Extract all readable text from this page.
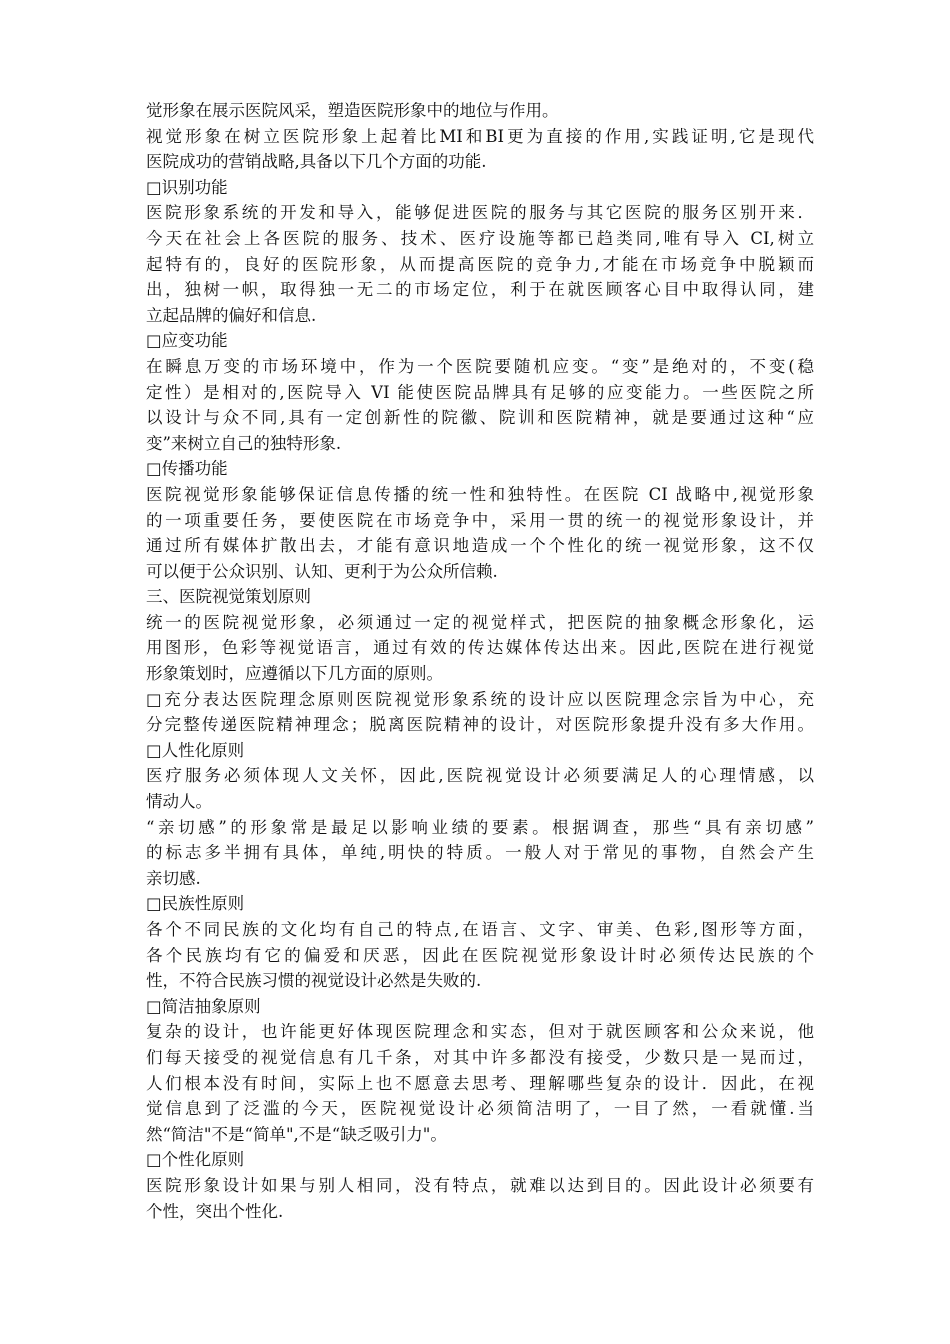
觉形象在展示医院风采，塑造医院形象中的地位与作用。
视觉形象在树立医院形象上起着比MI和BI更为直接的作用,实践证明,它是现代
医院成功的营销战略,具备以下几个方面的功能.
□识别功能
医院形象系统的开发和导入，能够促进医院的服务与其它医院的服务区别开来．
今天在社会上各医院的服务、技术、医疗设施等都已趋类同,唯有导入 CI,树立
起特有的，良好的医院形象，从而提高医院的竞争力,才能在市场竞争中脱颖而
出，独树一帜，取得独一无二的市场定位，利于在就医顾客心目中取得认同，建
立起品牌的偏好和信息.
□应变功能
在瞬息万变的市场环境中，作为一个医院要随机应变。“变”是绝对的，不变(稳
定性）是相对的,医院导入 VI 能使医院品牌具有足够的应变能力。一些医院之所
以设计与众不同,具有一定创新性的院徽、院训和医院精神，就是要通过这种“应
变”来树立自己的独特形象.
□传播功能
医院视觉形象能够保证信息传播的统一性和独特性。在医院 CI 战略中,视觉形象
的一项重要任务，要使医院在市场竞争中，采用一贯的统一的视觉形象设计，并
通过所有媒体扩散出去，才能有意识地造成一个个性化的统一视觉形象，这不仅
可以便于公众识别、认知、更利于为公众所信赖.
三、医院视觉策划原则
统一的医院视觉形象，必须通过一定的视觉样式，把医院的抽象概念形象化，运
用图形，色彩等视觉语言，通过有效的传达媒体传达出来。因此,医院在进行视觉
形象策划时，应遵循以下几方面的原则。
□充分表达医院理念原则医院视觉形象系统的设计应以医院理念宗旨为中心，充
分完整传递医院精神理念；脱离医院精神的设计，对医院形象提升没有多大作用。
□人性化原则
医疗服务必须体现人文关怀，因此,医院视觉设计必须要满足人的心理情感，以
情动人。
“亲切感”的形象常是最足以影响业绩的要素。根据调查，那些“具有亲切感”
的标志多半拥有具体，单纯,明快的特质。一般人对于常见的事物，自然会产生
亲切感.
□民族性原则
各个不同民族的文化均有自己的特点,在语言、文字、审美、色彩,图形等方面，
各个民族均有它的偏爱和厌恶，因此在医院视觉形象设计时必须传达民族的个
性，不符合民族习惯的视觉设计必然是失败的.
□简洁抽象原则
复杂的设计，也许能更好体现医院理念和实态，但对于就医顾客和公众来说，他
们每天接受的视觉信息有几千条，对其中许多都没有接受，少数只是一晃而过，
人们根本没有时间，实际上也不愿意去思考、理解哪些复杂的设计．因此，在视
觉信息到了泛滥的今天，医院视觉设计必须简洁明了，一目了然，一看就懂.当
然“简洁"不是“简单",不是“缺乏吸引力"。
□个性化原则
医院形象设计如果与别人相同，没有特点，就难以达到目的。因此设计必须要有
个性，突出个性化.
